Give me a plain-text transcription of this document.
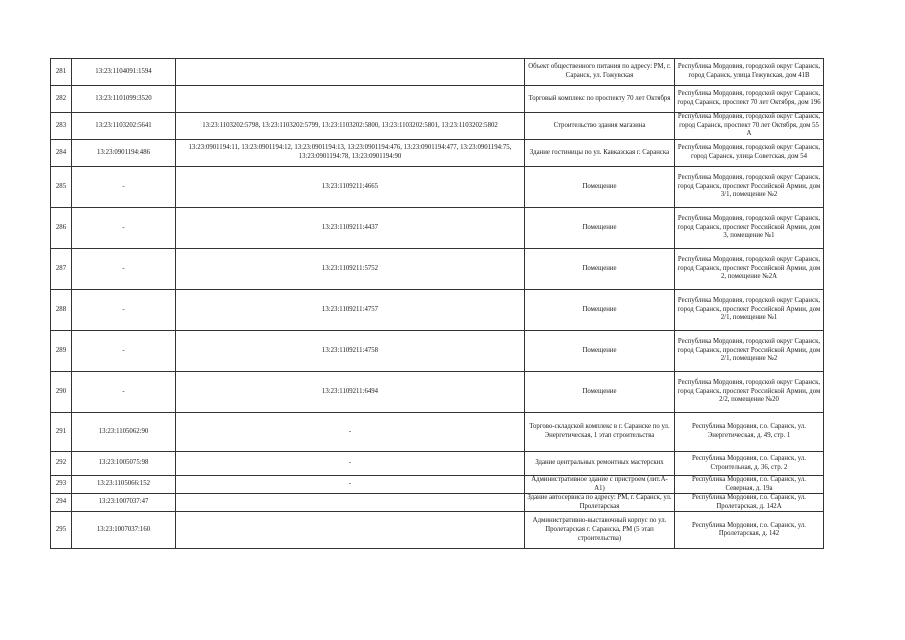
281	13:23:1104091:1594		Объект общественного питания по адресу: РМ, г. Саранск, ул. Гожувская	Республика Мордовия, городской округ Саранск, город Саранск, улица Гежувская, дом 41В
282	13:23:1101099:3520		Торговый комплекс по проспекту 70 лет Октября	Республика Мордовия, городской округ Саранск, город Саранск, проспект 70 лет Октября, дом 196
283	13:23:1103202:5641	13:23:1103202:5798, 13:23:1103202:5799, 13:23:1103202:5800, 13:23:1103202:5801, 13:23:1103202:5802	Строительство здания магазина	Республика Мордовия, городской округ Саранск, город Саранск, проспект 70 лет Октября, дом 55 А
284	13:23:0901194:486	13:23:0901194:11, 13:23:0901194:12, 13:23:0901194:13, 13:23:0901194:476, 13:23:0901194:477, 13:23:0901194:75, 13:23:0901194:78, 13:23:0901194:90	Здание гостиницы по ул. Кавказская г. Саранска	Республика Мордовия, городской округ Саранск, город Саранск, улица Советская, дом 54
285	-	13:23:1109211:4665	Помещение	Республика Мордовия, городской округ Саранск, город Саранск, проспект Российской Армии, дом 3/1, помещение №2
286	-	13:23:1109211:4437	Помещение	Республика Мордовия, городской округ Саранск, город Саранск, проспект Российской Армии, дом 3, помещение №1
287	-	13:23:1109211:5752	Помещение	Республика Мордовия, городской округ Саранск, город Саранск, проспект Российской Армии, дом 2, помещение №2А
288	-	13:23:1109211:4757	Помещение	Республика Мордовия, городской округ Саранск, город Саранск, проспект Российской Армии, дом 2/1, помещение №1
289	-	13:23:1109211:4758	Помещение	Республика Мордовия, городской округ Саранск, город Саранск, проспект Российской Армии, дом 2/1, помещение №2
290	-	13:23:1109211:6494	Помещение	Республика Мордовия, городской округ Саранск, город Саранск, проспект Российской Армии, дом 2/2, помещение №20
291	13:23:1105062:90	-	Торгово-складской комплекс в г. Саранске по ул. Энергетическая, 1 этап строительства	Республика Мордовия, г.о. Саранск, ул. Энергетическая, д. 49, стр. 1
292	13:23:1005075:98	-	Здание центральных ремонтных мастерских	Республика Мордовия, г.о. Саранск, ул. Строительная, д. 36, стр. 2
293	13:23:1105066:152	-	Административное здание с пристроем (лит.А-А1)	Республика Мордовия, г.о. Саранск, ул. Северная, д. 19а
294	13:23:1007037:47		Здание автосервиса по адресу: РМ, г. Саранск, ул. Пролетарская	Республика Мордовия, г.о. Саранск, ул. Пролетарская, д. 142А
295	13:23:1007037:160		Административно-выставочный корпус по ул. Пролетарская г. Саранска, РМ (5 этап строительства)	Республика Мордовия, г.о. Саранск, ул. Пролетарская, д. 142
